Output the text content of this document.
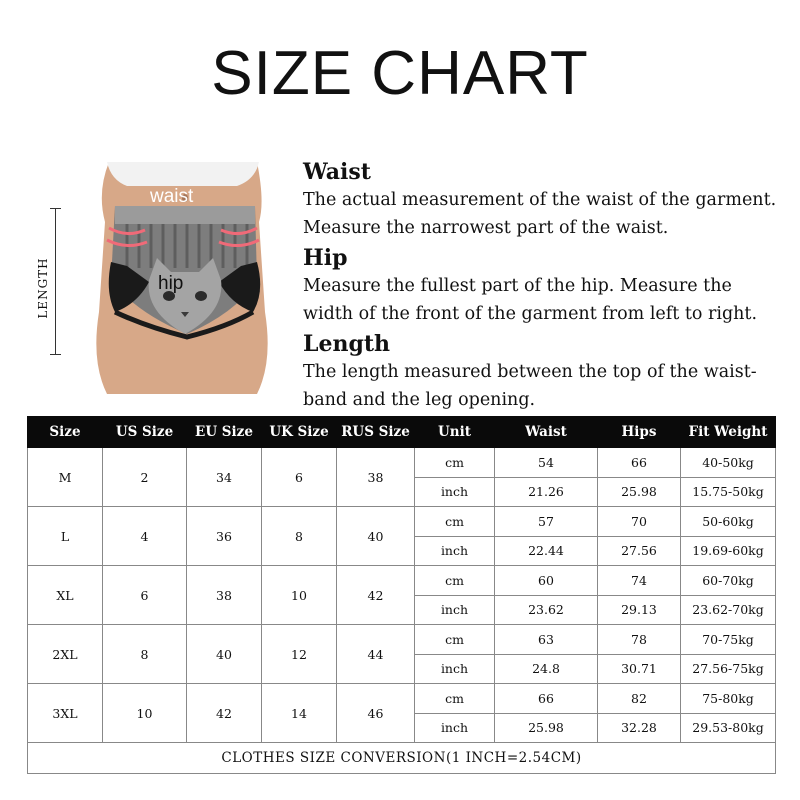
SIZE CHART
waist
hip
LENGTH
Waist

The actual measurement of the waist of the garment.
Measure the narrowest part of the waist.

Hip

Measure the fullest part of the hip. Measure the
width of the front of the garment from left to right.

Length

The length measured between the top of the waist-
band and the leg opening.

Size	US Size	EU Size	UK Size	RUS Size	Unit	Waist	Hips	Fit Weight
M	2	34	6	38	cm	54	66	40-50kg
					inch	21.26	25.98	15.75-50kg
L	4	36	8	40	cm	57	70	50-60kg
					inch	22.44	27.56	19.69-60kg
XL	6	38	10	42	cm	60	74	60-70kg
					inch	23.62	29.13	23.62-70kg
2XL	8	40	12	44	cm	63	78	70-75kg
					inch	24.8	30.71	27.56-75kg
3XL	10	42	14	46	cm	66	82	75-80kg
					inch	25.98	32.28	29.53-80kg
CLOTHES SIZE CONVERSION(1 INCH=2.54CM)								
